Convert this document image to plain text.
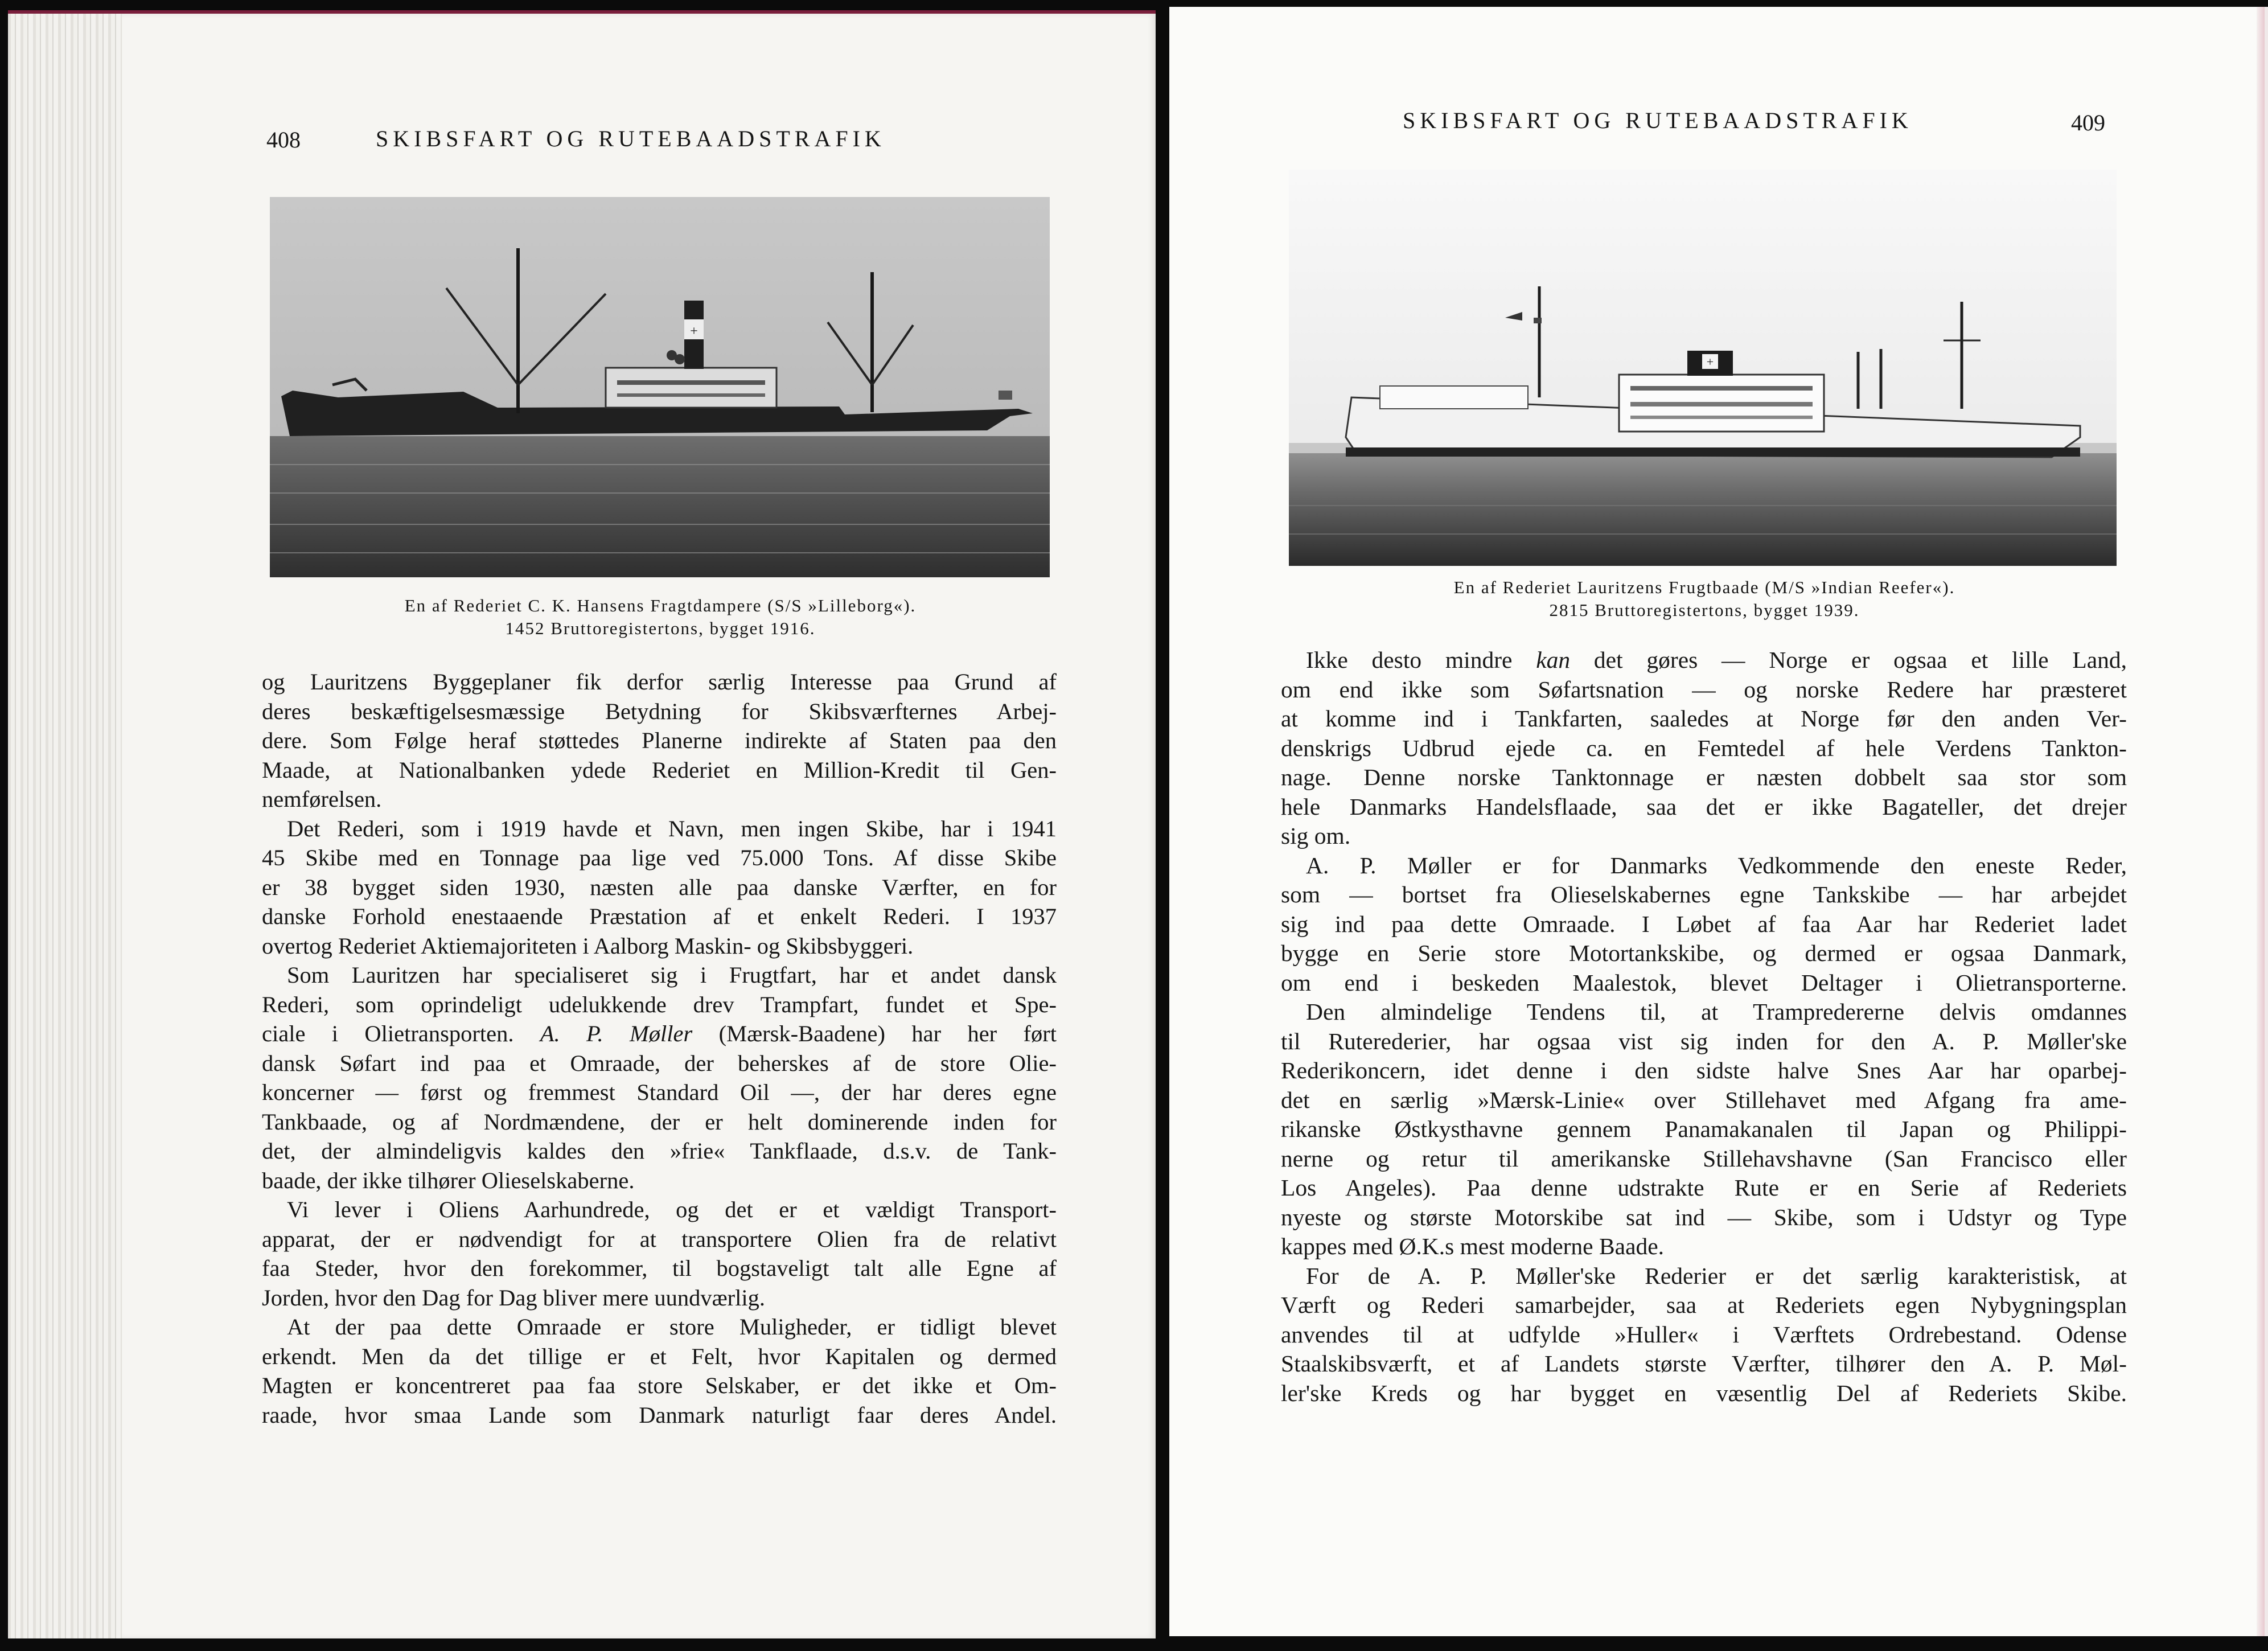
408	SKIBSFART OG RUTEBAADSTRAFIK
+
En af Rederiet C. K. Hansens Fragtdampere (S/S »Lilleborg«).
1452 Bruttoregistertons, bygget 1916.
og Lauritzens Byggeplaner fik derfor særlig Interesse paa Grund af
deres beskæftigelsesmæssige Betydning for Skibsværfternes Arbej-
dere. Som Følge heraf støttedes Planerne indirekte af Staten paa den
Maade, at Nationalbanken ydede Rederiet en Million-Kredit til Gen-
nemførelsen.
Det Rederi, som i 1919 havde et Navn, men ingen Skibe, har i 1941
45 Skibe med en Tonnage paa lige ved 75.000 Tons. Af disse Skibe
er 38 bygget siden 1930, næsten alle paa danske Værfter, en for
danske Forhold enestaaende Præstation af et enkelt Rederi. I 1937
overtog Rederiet Aktiemajoriteten i Aalborg Maskin- og Skibsbyggeri.
Som Lauritzen har specialiseret sig i Frugtfart, har et andet dansk
Rederi, som oprindeligt udelukkende drev Trampfart, fundet et Spe-
ciale i Olietransporten. A. P. Møller (Mærsk-Baadene) har her ført
dansk Søfart ind paa et Omraade, der beherskes af de store Olie-
koncerner — først og fremmest Standard Oil —, der har deres egne
Tankbaade, og af Nordmændene, der er helt dominerende inden for
det, der almindeligvis kaldes den »frie« Tankflaade, d.s.v. de Tank-
baade, der ikke tilhører Olieselskaberne.
Vi lever i Oliens Aarhundrede, og det er et vældigt Transport-
apparat, der er nødvendigt for at transportere Olien fra de relativt
faa Steder, hvor den forekommer, til bogstaveligt talt alle Egne af
Jorden, hvor den Dag for Dag bliver mere uundværlig.
At der paa dette Omraade er store Muligheder, er tidligt blevet
erkendt. Men da det tillige er et Felt, hvor Kapitalen og dermed
Magten er koncentreret paa faa store Selskaber, er det ikke et Om-
raade, hvor smaa Lande som Danmark naturligt faar deres Andel.
SKIBSFART OG RUTEBAADSTRAFIK	409
+
En af Rederiet Lauritzens Frugtbaade (M/S »Indian Reefer«).
2815 Bruttoregistertons, bygget 1939.
Ikke desto mindre kan det gøres — Norge er ogsaa et lille Land,
om end ikke som Søfartsnation — og norske Redere har præsteret
at komme ind i Tankfarten, saaledes at Norge før den anden Ver-
denskrigs Udbrud ejede ca. en Femtedel af hele Verdens Tankton-
nage. Denne norske Tanktonnage er næsten dobbelt saa stor som
hele Danmarks Handelsflaade, saa det er ikke Bagateller, det drejer
sig om.
A. P. Møller er for Danmarks Vedkommende den eneste Reder,
som — bortset fra Olieselskabernes egne Tankskibe — har arbejdet
sig ind paa dette Omraade. I Løbet af faa Aar har Rederiet ladet
bygge en Serie store Motortankskibe, og dermed er ogsaa Danmark,
om end i beskeden Maalestok, blevet Deltager i Olietransporterne.
Den almindelige Tendens til, at Trampredererne delvis omdannes
til Ruterederier, har ogsaa vist sig inden for den A. P. Møller'ske
Rederikoncern, idet denne i den sidste halve Snes Aar har oparbej-
det en særlig »Mærsk-Linie« over Stillehavet med Afgang fra ame-
rikanske Østkysthavne gennem Panamakanalen til Japan og Philippi-
nerne og retur til amerikanske Stillehavshavne (San Francisco eller
Los Angeles). Paa denne udstrakte Rute er en Serie af Rederiets
nyeste og største Motorskibe sat ind — Skibe, som i Udstyr og Type
kappes med Ø.K.s mest moderne Baade.
For de A. P. Møller'ske Rederier er det særlig karakteristisk, at
Værft og Rederi samarbejder, saa at Rederiets egen Nybygningsplan
anvendes til at udfylde »Huller« i Værftets Ordrebestand. Odense
Staalskibsværft, et af Landets største Værfter, tilhører den A. P. Møl-
ler'ske Kreds og har bygget en væsentlig Del af Rederiets Skibe.
